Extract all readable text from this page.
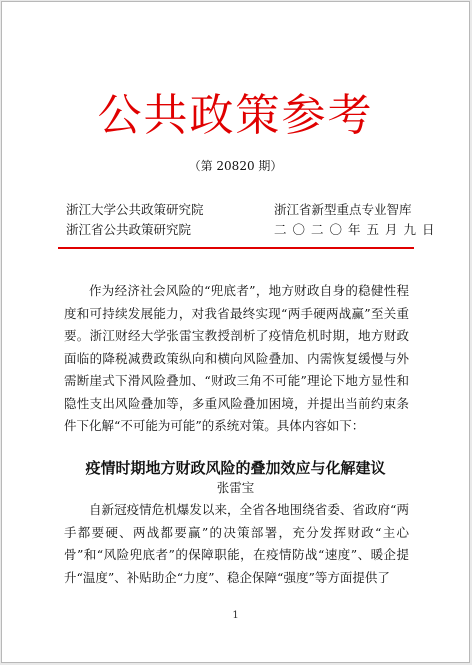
公共政策参考
（第 20820 期）
浙江大学公共政策研究院
浙江省公共政策研究院
浙江省新型重点专业智库
二〇二〇年五月九日
作为经济社会风险的“兜底者”，地方财政自身的稳健性程度和可持续发展能力，对我省最终实现“两手硬两战赢”至关重要。浙江财经大学张雷宝教授剖析了疫情危机时期，地方财政面临的降税减费政策纵向和横向风险叠加、内需恢复缓慢与外需断崖式下滑风险叠加、“财政三角不可能”理论下地方显性和隐性支出风险叠加等，多重风险叠加困境，并提出当前约束条件下化解“不可能为可能”的系统对策。具体内容如下：
疫情时期地方财政风险的叠加效应与化解建议
张雷宝
自新冠疫情危机爆发以来，全省各地围绕省委、省政府“两手都要硬、两战都要赢”的决策部署，充分发挥财政“主心骨”和“风险兜底者”的保障职能，在疫情防战“速度”、暖企提升“温度”、补贴助企“力度”、稳企保障“强度”等方面提供了
1
